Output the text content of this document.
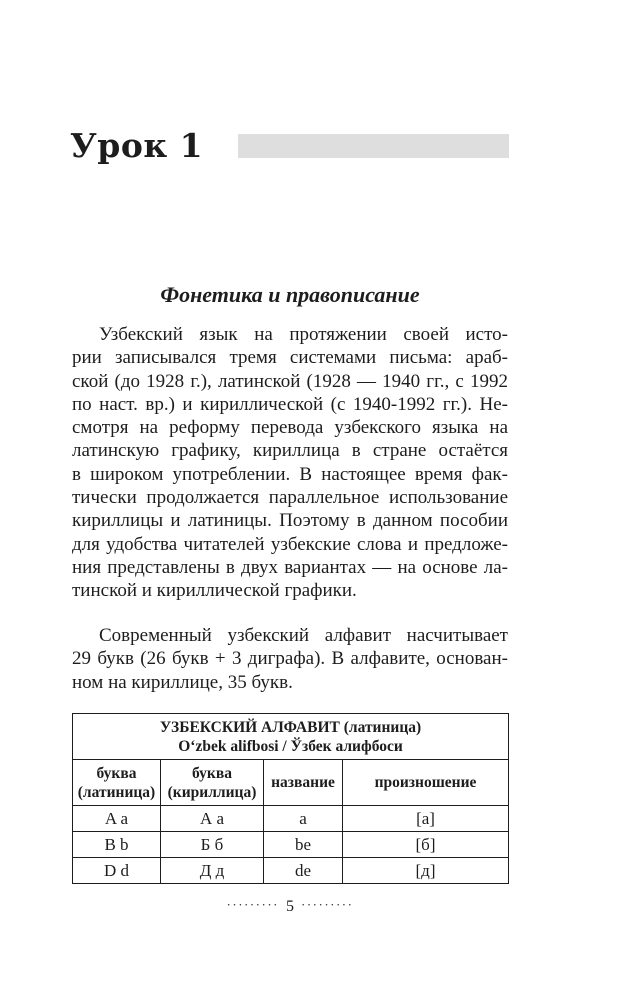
Урок 1
Фонетика и правописание
Узбекский язык на протяжении своей исто-
рии записывался тремя системами письма: араб-
ской (до 1928 г.), латинской (1928 — 1940 гг., с 1992
по наст. вр.) и кириллической (с 1940-1992 гг.). Не-
смотря на реформу перевода узбекского языка на
латинскую графику, кириллица в стране остаётся
в широком употреблении. В настоящее время фак-
тически продолжается параллельное использование
кириллицы и латиницы. Поэтому в данном пособии
для удобства читателей узбекские слова и предложе-
ния представлены в двух вариантах — на основе ла-
тинской и кириллической графики.
Современный узбекский алфавит насчитывает
29 букв (26 букв + 3 диграфа). В алфавите, основан-
ном на кириллице, 35 букв.
УЗБЕКСКИЙ АЛФАВИТ (латиница)
O‘zbek alifbosi / Ўзбек алифбоси			

буква (латиница)	буква (кириллица)	название	произношение
A a	А а	a	[а]
B b	Б б	be	[б]
D d	Д д	de	[д]
········· 5 ·········
